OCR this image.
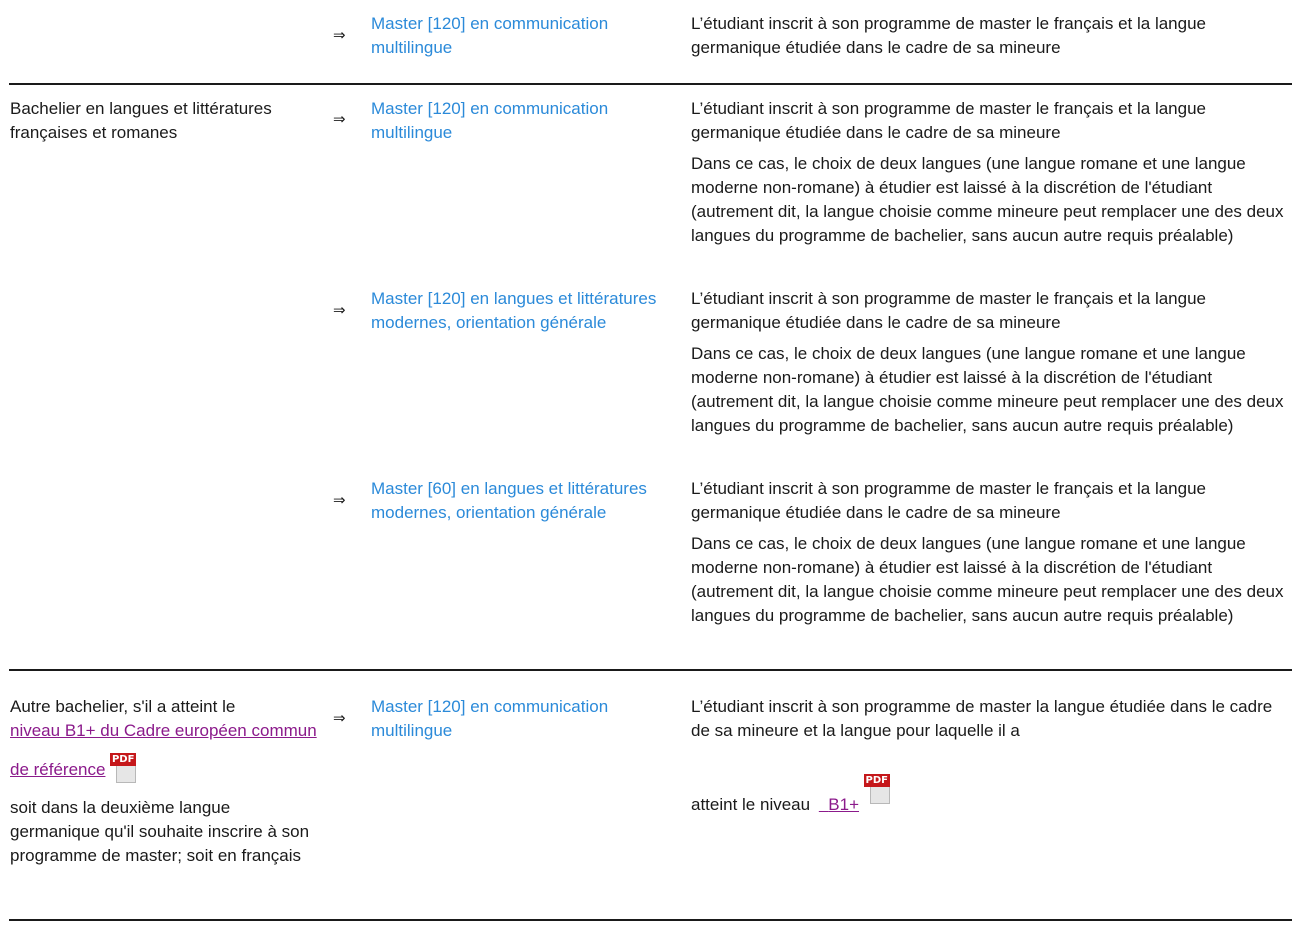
⇒
Master [120] en communication multilingue
L’étudiant inscrit à son programme de master le français et la langue germanique étudiée dans le cadre de sa mineure
Bachelier en langues et littératures françaises et romanes
⇒
Master [120] en communication multilingue
L’étudiant inscrit à son programme de master le français et la langue germanique étudiée dans le cadre de sa mineure
Dans ce cas, le choix de deux langues (une langue romane et une langue moderne non-romane) à étudier est laissé à la discrétion de l'étudiant (autrement dit, la langue choisie comme mineure peut remplacer une des deux langues du programme de bachelier, sans aucun autre requis préalable)
⇒
Master [120] en langues et littératures modernes, orientation générale
L’étudiant inscrit à son programme de master le français et la langue germanique étudiée dans le cadre de sa mineure
Dans ce cas, le choix de deux langues (une langue romane et une langue moderne non-romane) à étudier est laissé à la discrétion de l'étudiant (autrement dit, la langue choisie comme mineure peut remplacer une des deux langues du programme de bachelier, sans aucun autre requis préalable)
⇒
Master [60] en langues et littératures modernes, orientation générale
L’étudiant inscrit à son programme de master le français et la langue germanique étudiée dans le cadre de sa mineure
Dans ce cas, le choix de deux langues (une langue romane et une langue moderne non-romane) à étudier est laissé à la discrétion de l'étudiant (autrement dit, la langue choisie comme mineure peut remplacer une des deux langues du programme de bachelier, sans aucun autre requis préalable)
Autre bachelier, s'il a atteint le
niveau B1+ du Cadre européen commun de référence
PDF
soit dans la deuxième langue germanique qu'il souhaite inscrire à son programme de master; soit en français
⇒
Master [120] en communication multilingue
L’étudiant inscrit à son programme de master la langue étudiée dans le cadre de sa mineure et la langue pour laquelle il a
atteint le niveau B1+
PDF
